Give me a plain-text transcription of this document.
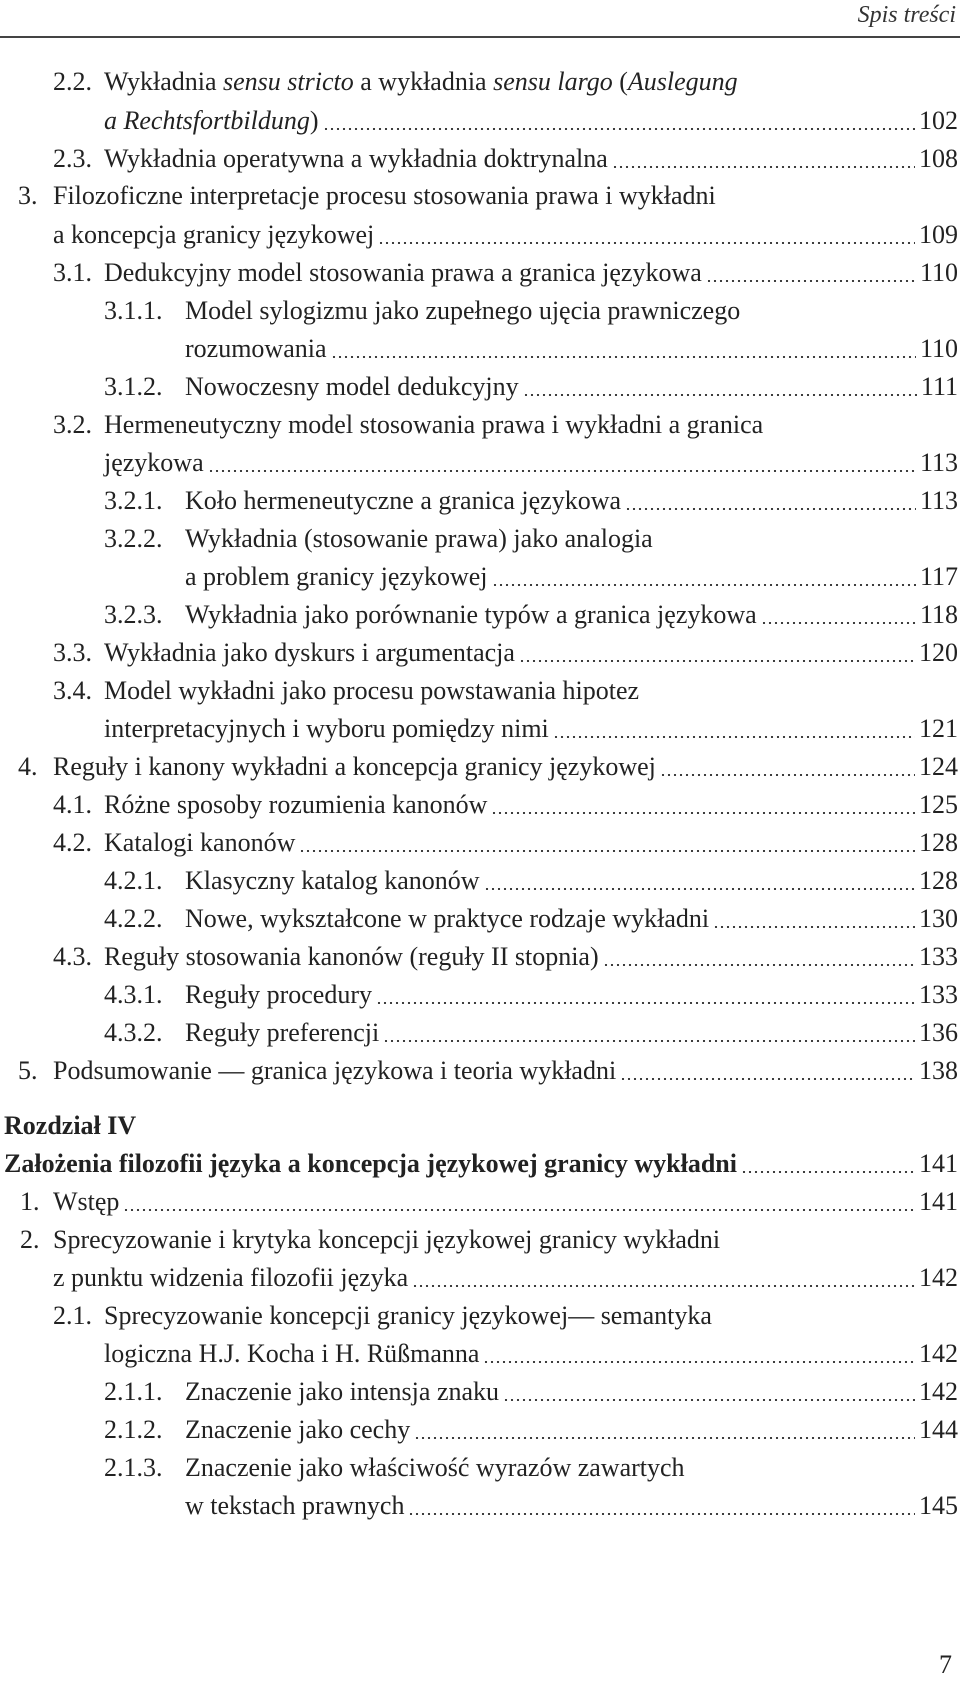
Spis treści
2.2. Wykładnia sensu stricto a wykładnia sensu largo (Auslegung
a Rechtsfortbildung)	102
2.3. Wykładnia operatywna a wykładnia doktrynalna	108
3. Filozoficzne interpretacje procesu stosowania prawa i wykładni
a koncepcja granicy językowej	109
3.1. Dedukcyjny model stosowania prawa a granica językowa	110
3.1.1. Model sylogizmu jako zupełnego ujęcia prawniczego
rozumowania	110
3.1.2. Nowoczesny model dedukcyjny	111
3.2. Hermeneutyczny model stosowania prawa i wykładni a granica
językowa	113
3.2.1. Koło hermeneutyczne a granica językowa	113
3.2.2. Wykładnia (stosowanie prawa) jako analogia
a problem granicy językowej	117
3.2.3. Wykładnia jako porównanie typów a granica językowa	118
3.3. Wykładnia jako dyskurs i argumentacja	120
3.4. Model wykładni jako procesu powstawania hipotez
interpretacyjnych i wyboru pomiędzy nimi	121
4. Reguły i kanony wykładni a koncepcja granicy językowej	124
4.1. Różne sposoby rozumienia kanonów	125
4.2. Katalogi kanonów	128
4.2.1. Klasyczny katalog kanonów	128
4.2.2. Nowe, wykształcone w praktyce rodzaje wykładni	130
4.3. Reguły stosowania kanonów (reguły II stopnia)	133
4.3.1. Reguły procedury	133
4.3.2. Reguły preferencji	136
5. Podsumowanie — granica językowa i teoria wykładni	138
Rozdział IV
Założenia filozofii języka a koncepcja językowej granicy wykładni	141
1. Wstęp	141
2. Sprecyzowanie i krytyka koncepcji językowej granicy wykładni
z punktu widzenia filozofii języka	142
2.1. Sprecyzowanie koncepcji granicy językowej— semantyka
logiczna H.J. Kocha i H. Rüßmanna	142
2.1.1. Znaczenie jako intensja znaku	142
2.1.2. Znaczenie jako cechy	144
2.1.3. Znaczenie jako właściwość wyrazów zawartych
w tekstach prawnych	145
7
